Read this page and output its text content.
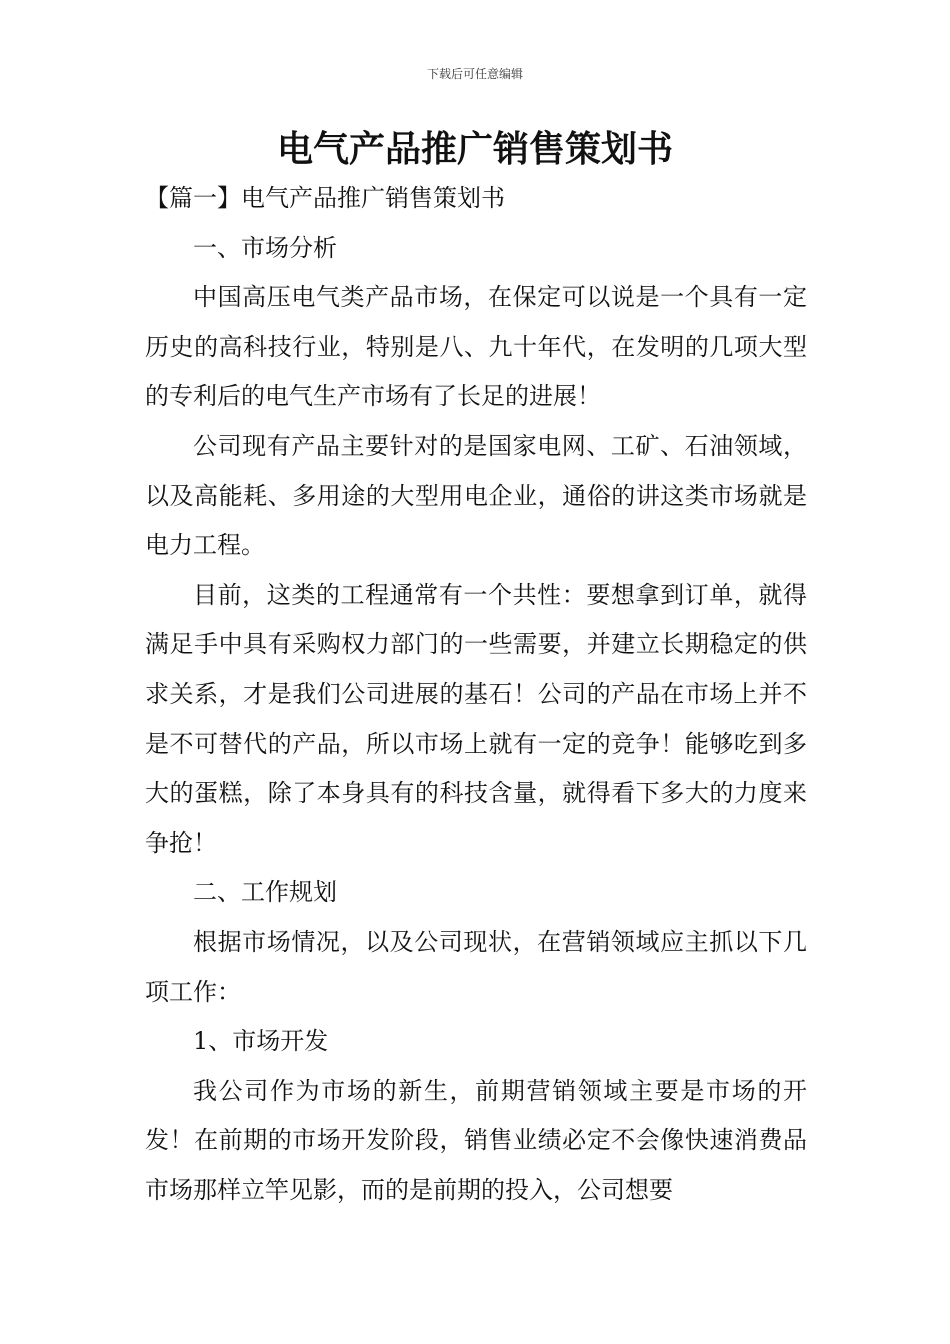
下载后可任意编辑
电气产品推广销售策划书

【篇一】电气产品推广销售策划书

一、市场分析

中国高压电气类产品市场，在保定可以说是一个具有一定历史的高科技行业，特别是八、九十年代，在发明的几项大型的专利后的电气生产市场有了长足的进展！

公司现有产品主要针对的是国家电网、工矿、石油领域，以及高能耗、多用途的大型用电企业，通俗的讲这类市场就是电力工程。

目前，这类的工程通常有一个共性：要想拿到订单，就得满足手中具有采购权力部门的一些需要，并建立长期稳定的供求关系，才是我们公司进展的基石！公司的产品在市场上并不是不可替代的产品，所以市场上就有一定的竞争！能够吃到多大的蛋糕，除了本身具有的科技含量，就得看下多大的力度来争抢！

二、工作规划

根据市场情况，以及公司现状，在营销领域应主抓以下几项工作：

1、市场开发

我公司作为市场的新生，前期营销领域主要是市场的开发！在前期的市场开发阶段，销售业绩必定不会像快速消费品市场那样立竿见影，而的是前期的投入，公司想要
